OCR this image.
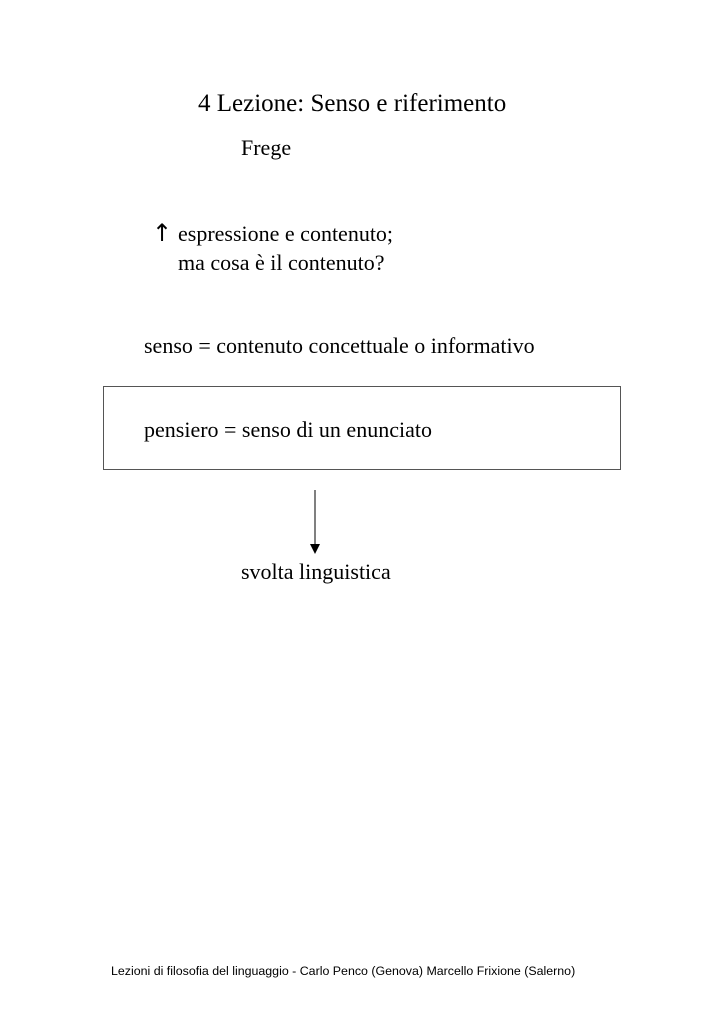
4 Lezione: Senso e riferimento
Frege
↑ espressione e contenuto;
ma cosa è il contenuto?
senso = contenuto concettuale o informativo
pensiero = senso di un enunciato
svolta linguistica
Lezioni di filosofia del linguaggio - Carlo Penco (Genova) Marcello Frixione (Salerno)
